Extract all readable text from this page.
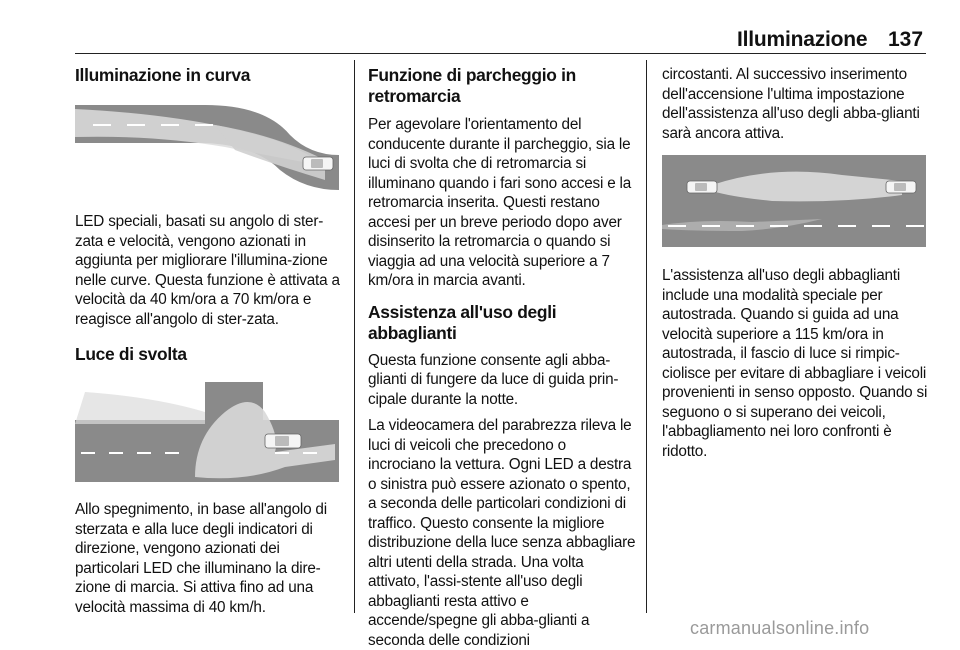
Illuminazione 137
Illuminazione in curva

LED speciali, basati su angolo di ster-zata e velocità, vengono azionati in aggiunta per migliorare l'illumina-zione nelle curve. Questa funzione è attivata a velocità da 40 km/ora a 70 km/ora e reagisce all'angolo di ster-zata.

Luce di svolta

Allo spegnimento, in base all'angolo di sterzata e alla luce degli indicatori di direzione, vengono azionati dei particolari LED che illuminano la dire-zione di marcia. Si attiva fino ad una velocità massima di 40 km/h.

Funzione di parcheggio in retromarcia

Per agevolare l'orientamento del conducente durante il parcheggio, sia le luci di svolta che di retromarcia si illuminano quando i fari sono accesi e la retromarcia inserita. Questi restano accesi per un breve periodo dopo aver disinserito la retromarcia o quando si viaggia ad una velocità superiore a 7 km/ora in marcia avanti.

Assistenza all'uso degli abbaglianti

Questa funzione consente agli abba-glianti di fungere da luce di guida prin-cipale durante la notte.

La videocamera del parabrezza rileva le luci di veicoli che precedono o incrociano la vettura. Ogni LED a destra o sinistra può essere azionato o spento, a seconda delle particolari condizioni di traffico. Questo consente la migliore distribuzione della luce senza abbagliare altri utenti della strada. Una volta attivato, l'assi-stente all'uso degli abbaglianti resta attivo e accende/spegne gli abba-glianti a seconda delle condizioni

circostanti. Al successivo inserimento dell'accensione l'ultima impostazione dell'assistenza all'uso degli abba-glianti sarà ancora attiva.

L'assistenza all'uso degli abbaglianti include una modalità speciale per autostrada. Quando si guida ad una velocità superiore a 115 km/ora in autostrada, il fascio di luce si rimpic-ciolisce per evitare di abbagliare i veicoli provenienti in senso opposto. Quando si seguono o si superano dei veicoli, l'abbagliamento nei loro confronti è ridotto.

carmanualsonline.info
